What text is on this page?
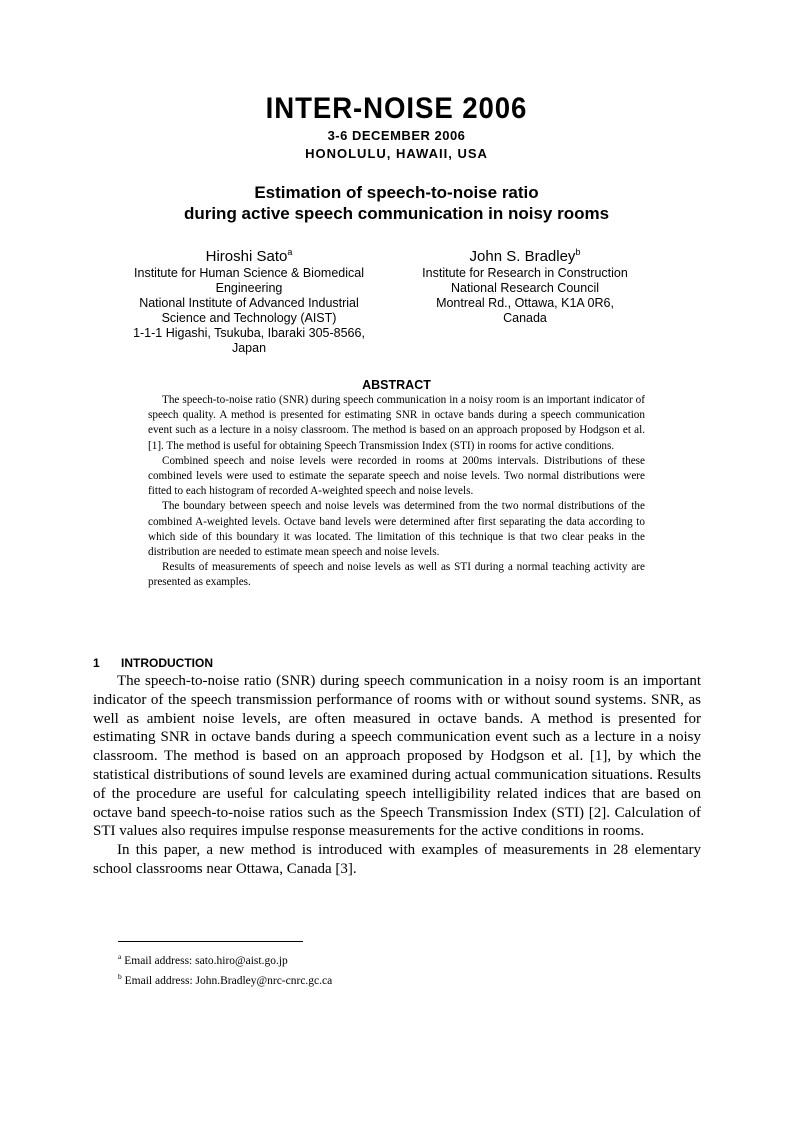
INTER-NOISE 2006
3-6 DECEMBER 2006
HONOLULU, HAWAII, USA
Estimation of speech-to-noise ratio
during active speech communication in noisy rooms
Hiroshi Sato$^a$
Institute for Human Science & Biomedical
Engineering
National Institute of Advanced Industrial
Science and Technology (AIST)
1-1-1 Higashi, Tsukuba, Ibaraki 305-8566,
Japan
John S. Bradley$^b$
Institute for Research in Construction
National Research Council
Montreal Rd., Ottawa, K1A 0R6,
Canada
ABSTRACT

The speech-to-noise ratio (SNR) during speech communication in a noisy room is an important indicator of speech quality. A method is presented for estimating SNR in octave bands during a speech communication event such as a lecture in a noisy classroom. The method is based on an approach proposed by Hodgson et al. [1]. The method is useful for obtaining Speech Transmission Index (STI) in rooms for active conditions.

Combined speech and noise levels were recorded in rooms at 200ms intervals. Distributions of these combined levels were used to estimate the separate speech and noise levels. Two normal distributions were fitted to each histogram of recorded A-weighted speech and noise levels.

The boundary between speech and noise levels was determined from the two normal distributions of the combined A-weighted levels. Octave band levels were determined after first separating the data according to which side of this boundary it was located. The limitation of this technique is that two clear peaks in the distribution are needed to estimate mean speech and noise levels.

Results of measurements of speech and noise levels as well as STI during a normal teaching activity are presented as examples.

1 INTRODUCTION

The speech-to-noise ratio (SNR) during speech communication in a noisy room is an important indicator of the speech transmission performance of rooms with or without sound systems. SNR, as well as ambient noise levels, are often measured in octave bands. A method is presented for estimating SNR in octave bands during a speech communication event such as a lecture in a noisy classroom. The method is based on an approach proposed by Hodgson et al. [1], by which the statistical distributions of sound levels are examined during actual communication situations. Results of the procedure are useful for calculating speech intelligibility related indices that are based on octave band speech-to-noise ratios such as the Speech Transmission Index (STI) [2]. Calculation of STI values also requires impulse response measurements for the active conditions in rooms.

In this paper, a new method is introduced with examples of measurements in 28 elementary school classrooms near Ottawa, Canada [3].

$^a$ Email address: sato.hiro@aist.go.jp
$^b$ Email address: John.Bradley@nrc-cnrc.gc.ca
